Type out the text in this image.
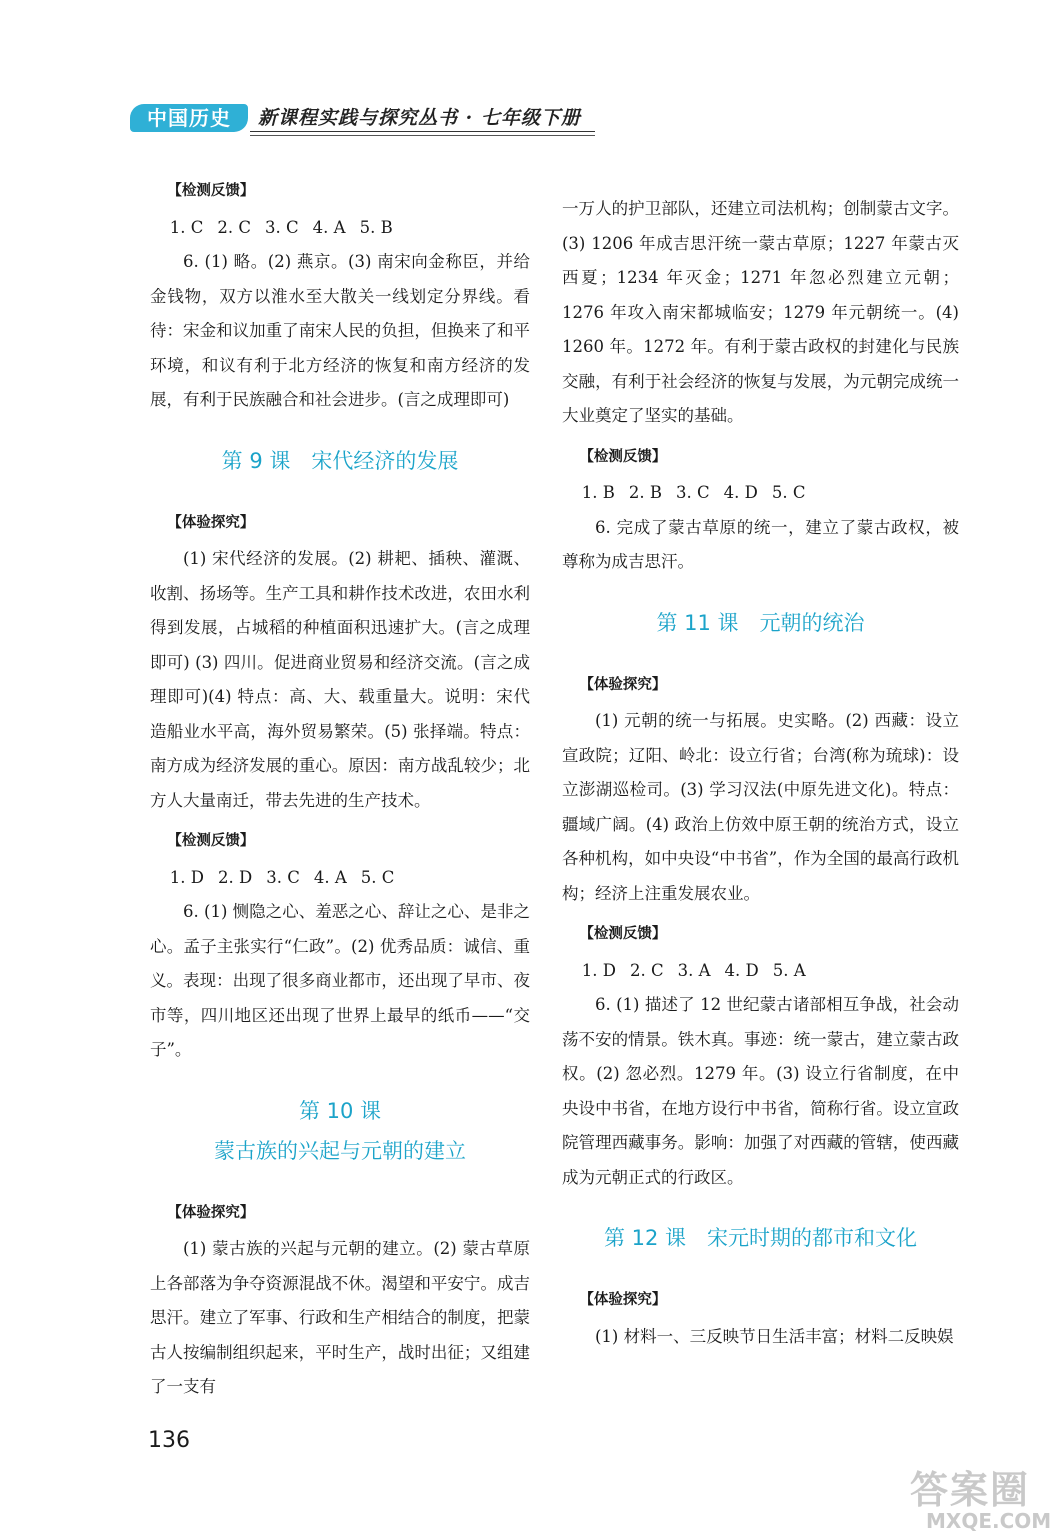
中国历史	新课程实践与探究丛书 · 七年级下册

【检测反馈】

1. C 2. C 3. C 4. A 5. B

6. (1) 略。(2) 燕京。(3) 南宋向金称臣，并给金钱物，双方以淮水至大散关一线划定分界线。看待：宋金和议加重了南宋人民的负担，但换来了和平环境，和议有利于北方经济的恢复和南方经济的发展，有利于民族融合和社会进步。(言之成理即可)

第 9 课　宋代经济的发展

【体验探究】

(1) 宋代经济的发展。(2) 耕耙、插秧、灌溉、收割、扬场等。生产工具和耕作技术改进，农田水利得到发展，占城稻的种植面积迅速扩大。(言之成理即可) (3) 四川。促进商业贸易和经济交流。(言之成理即可)(4) 特点：高、大、载重量大。说明：宋代造船业水平高，海外贸易繁荣。(5) 张择端。特点：南方成为经济发展的重心。原因：南方战乱较少；北方人大量南迁，带去先进的生产技术。

【检测反馈】

1. D 2. D 3. C 4. A 5. C

6. (1) 恻隐之心、羞恶之心、辞让之心、是非之心。孟子主张实行“仁政”。(2) 优秀品质：诚信、重义。表现：出现了很多商业都市，还出现了早市、夜市等，四川地区还出现了世界上最早的纸币——“交子”。

第 10 课

蒙古族的兴起与元朝的建立

【体验探究】

(1) 蒙古族的兴起与元朝的建立。(2) 蒙古草原上各部落为争夺资源混战不休。渴望和平安宁。成吉思汗。建立了军事、行政和生产相结合的制度，把蒙古人按编制组织起来，平时生产，战时出征；又组建了一支有

一万人的护卫部队，还建立司法机构；创制蒙古文字。(3) 1206 年成吉思汗统一蒙古草原；1227 年蒙古灭西夏；1234 年灭金；1271 年忽必烈建立元朝；1276 年攻入南宋都城临安；1279 年元朝统一。(4) 1260 年。1272 年。有利于蒙古政权的封建化与民族交融，有利于社会经济的恢复与发展，为元朝完成统一大业奠定了坚实的基础。

【检测反馈】

1. B 2. B 3. C 4. D 5. C

6. 完成了蒙古草原的统一，建立了蒙古政权，被尊称为成吉思汗。

第 11 课　元朝的统治

【体验探究】

(1) 元朝的统一与拓展。史实略。(2) 西藏：设立宣政院；辽阳、岭北：设立行省；台湾(称为琉球)：设立澎湖巡检司。(3) 学习汉法(中原先进文化)。特点：疆域广阔。(4) 政治上仿效中原王朝的统治方式，设立各种机构，如中央设“中书省”，作为全国的最高行政机构；经济上注重发展农业。

【检测反馈】

1. D 2. C 3. A 4. D 5. A

6. (1) 描述了 12 世纪蒙古诸部相互争战，社会动荡不安的情景。铁木真。事迹：统一蒙古，建立蒙古政权。(2) 忽必烈。1279 年。(3) 设立行省制度，在中央设中书省，在地方设行中书省，简称行省。设立宣政院管理西藏事务。影响：加强了对西藏的管辖，使西藏成为元朝正式的行政区。

第 12 课　宋元时期的都市和文化

【体验探究】

(1) 材料一、三反映节日生活丰富；材料二反映娱

136
答案圈
MXQE.COM
